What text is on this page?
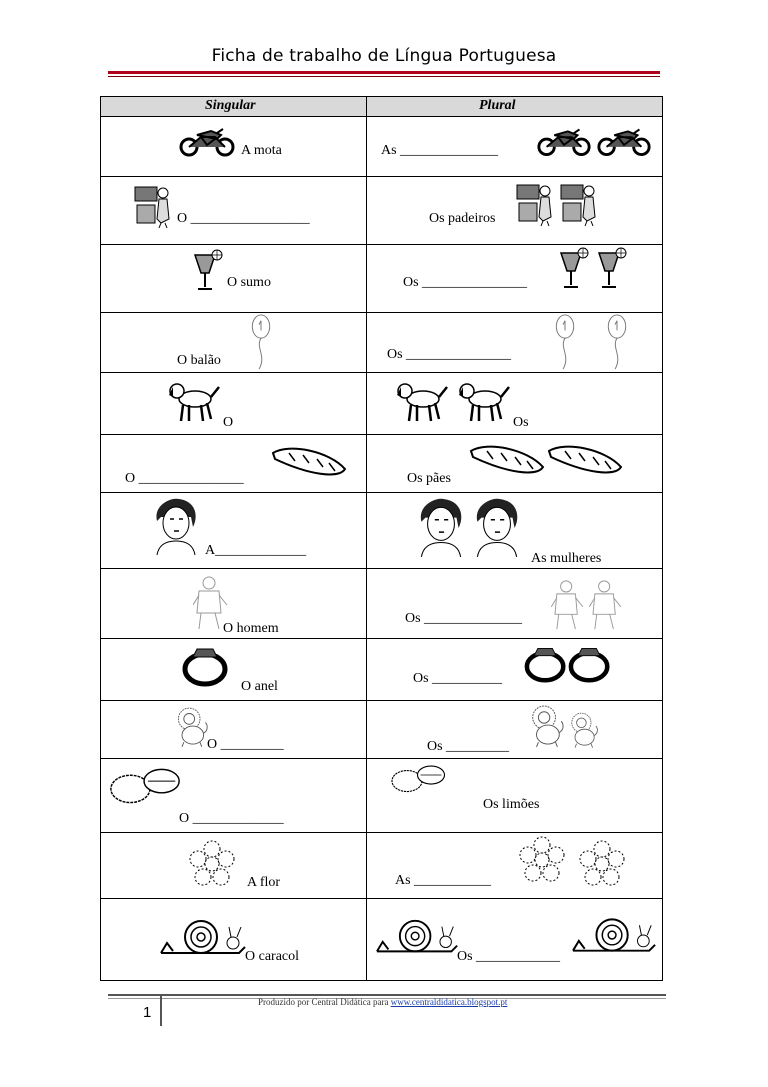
Ficha de trabalho de Língua Portuguesa
Singular	Plural

A mota	As ______________

O _________________	Os padeiros

O sumo	Os _______________

O balão	Os _______________

O	Os

O _______________	Os pães

A_____________	As mulheres

O homem	Os ______________

O anel	Os __________

O _________	Os _________

O _____________	Os limões

A flor	As ___________

O caracol	Os ____________
1
Produzido por Central Didática para www.centraldidatica.blogspot.pt
